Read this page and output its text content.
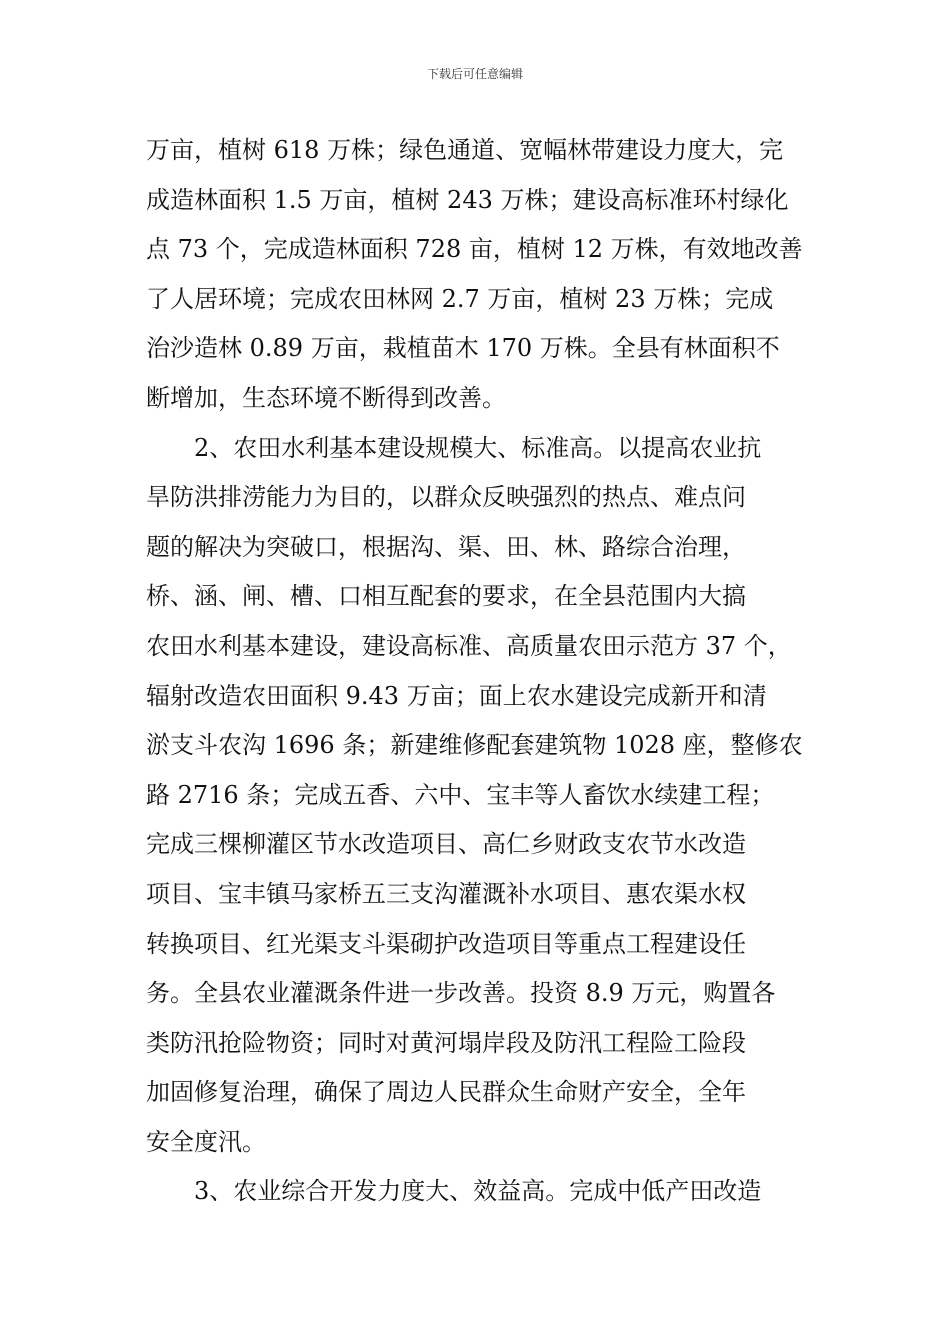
下载后可任意编辑
万亩，植树 618 万株；绿色通道、宽幅林带建设力度大，完
成造林面积 1.5 万亩，植树 243 万株；建设高标准环村绿化
点 73 个，完成造林面积 728 亩，植树 12 万株，有效地改善
了人居环境；完成农田林网 2.7 万亩，植树 23 万株；完成
治沙造林 0.89 万亩，栽植苗木 170 万株。全县有林面积不
断增加，生态环境不断得到改善。
　　2、农田水利基本建设规模大、标准高。以提高农业抗
旱防洪排涝能力为目的，以群众反映强烈的热点、难点问
题的解决为突破口，根据沟、渠、田、林、路综合治理，
桥、涵、闸、槽、口相互配套的要求，在全县范围内大搞
农田水利基本建设，建设高标准、高质量农田示范方 37 个，
辐射改造农田面积 9.43 万亩；面上农水建设完成新开和清
淤支斗农沟 1696 条；新建维修配套建筑物 1028 座，整修农
路 2716 条；完成五香、六中、宝丰等人畜饮水续建工程；
完成三棵柳灌区节水改造项目、高仁乡财政支农节水改造
项目、宝丰镇马家桥五三支沟灌溉补水项目、惠农渠水权
转换项目、红光渠支斗渠砌护改造项目等重点工程建设任
务。全县农业灌溉条件进一步改善。投资 8.9 万元，购置各
类防汛抢险物资；同时对黄河塌岸段及防汛工程险工险段
加固修复治理，确保了周边人民群众生命财产安全，全年
安全度汛。
　　3、农业综合开发力度大、效益高。完成中低产田改造
